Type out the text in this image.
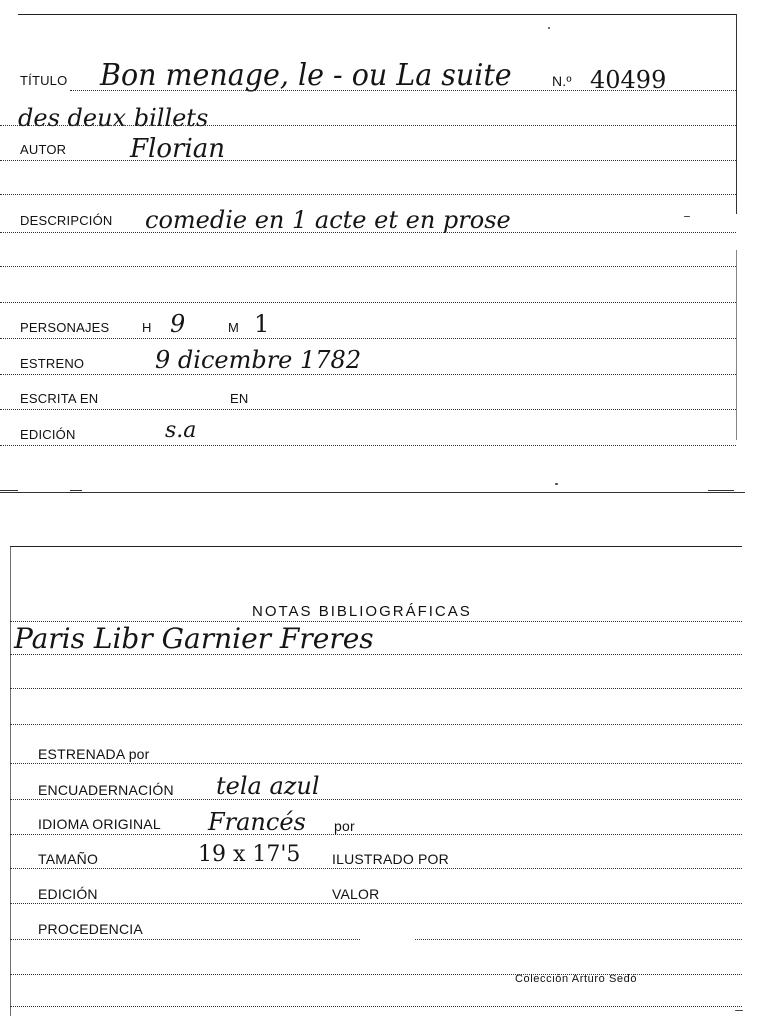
TÍTULO Bon menage, le - ou La suite	N.º 40499
des deux billets
AUTOR Florian
DESCRIPCIÓN comedie en 1 acte et en prose
PERSONAJES	H 9	M 1
ESTRENO	9 dicembre 1782
ESCRITA EN	EN
EDICIÓN	s.a
NOTAS BIBLIOGRÁFICAS
Paris Libr Garnier Freres
ESTRENADA por
ENCUADERNACIÓN tela azul
IDIOMA ORIGINAL Francés por
TAMAÑO	19 x 17'5 ILUSTRADO POR
EDICIÓN	VALOR
PROCEDENCIA
Colección Arturo Sedó
